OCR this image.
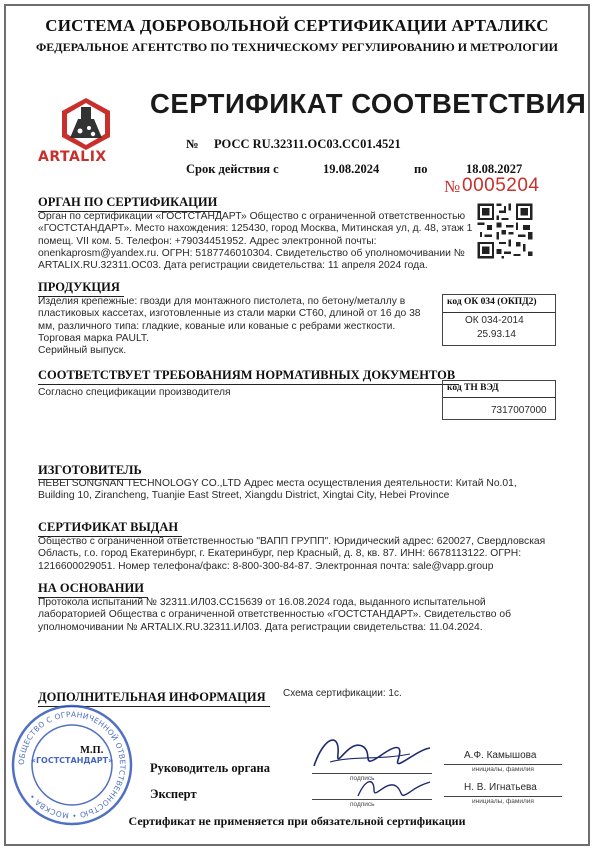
СИСТЕМА ДОБРОВОЛЬНОЙ СЕРТИФИКАЦИИ АРТАЛИКС
ФЕДЕРАЛЬНОЕ АГЕНТСТВО ПО ТЕХНИЧЕСКОМУ РЕГУЛИРОВАНИЮ И МЕТРОЛОГИИ
ARTALIX
СЕРТИФИКАТ СООТВЕТСТВИЯ
№ РОСС RU.32311.ОС03.СС01.4521
Срок действия с	19.08.2024	по	18.08.2027
№ 0005204
ОРГАН ПО СЕРТИФИКАЦИИ
Орган по сертификации «ГОСТСТАНДАРТ» Общество с ограниченной ответственностью
«ГОСТСТАНДАРТ». Место нахождения: 125430, город Москва, Митинская ул, д. 48, этаж 1
помещ. VII ком. 5. Телефон: +79034451952. Адрес электронной почты:
onenkaprosm@yandex.ru. ОГРН: 5187746010304. Свидетельство об уполномочивании №
ARTALIX.RU.32311.ОС03. Дата регистрации свидетельства: 11 апреля 2024 года.
ПРОДУКЦИЯ
Изделия крепежные: гвозди для монтажного пистолета, по бетону/металлу в
пластиковых кассетах, изготовленные из стали марки СТ60, длиной от 16 до 38
мм, различного типа: гладкие, кованые или кованые с ребрами жесткости.
Торговая марка PAULT.
Серийный выпуск.
код ОК 034 (ОКПД2)
ОК 034-2014
25.93.14
СООТВЕТСТВУЕТ ТРЕБОВАНИЯМ НОРМАТИВНЫХ ДОКУМЕНТОВ
Согласно спецификации производителя	код ТН ВЭД
7317007000
ИЗГОТОВИТЕЛЬ
HEBEI SONGNAN TECHNOLOGY CO.,LTD Адрес места осуществления деятельности: Китай No.01,
Building 10, Zirancheng, Tuanjie East Street, Xiangdu District, Xingtai City, Hebei Province
СЕРТИФИКАТ ВЫДАН
Общество с ограниченной ответственностью "ВАПП ГРУПП". Юридический адрес: 620027, Свердловская
Область, г.о. город Екатеринбург, г. Екатеринбург, пер Красный, д. 8, кв. 87. ИНН: 6678113122. ОГРН:
1216600029051. Номер телефона/факс: 8-800-300-84-87. Электронная почта: sale@vapp.group
НА ОСНОВАНИИ
Протокола испытаний № 32311.ИЛ03.СС15639 от 16.08.2024 года, выданного испытательной
лабораторией Общества с ограниченной ответственностью «ГОСТСТАНДАРТ». Свидетельство об
уполномочивании № ARTALIX.RU.32311.ИЛ03. Дата регистрации свидетельства: 11.04.2024.
ДОПОЛНИТЕЛЬНАЯ ИНФОРМАЦИЯ Схема сертификации: 1с.
ОБЩЕСТВО С ОГРАНИЧЕННОЙ ОТВЕТСТВЕННОСТЬЮ • МОСКВА •
«ГОСТСТАНДАРТ»
М.П.
Руководитель органа
Эксперт
подпись
подпись
А.Ф. Камышова
инициалы, фамилия
Н. В. Игнатьева
инициалы, фамилия
Сертификат не применяется при обязательной сертификации
